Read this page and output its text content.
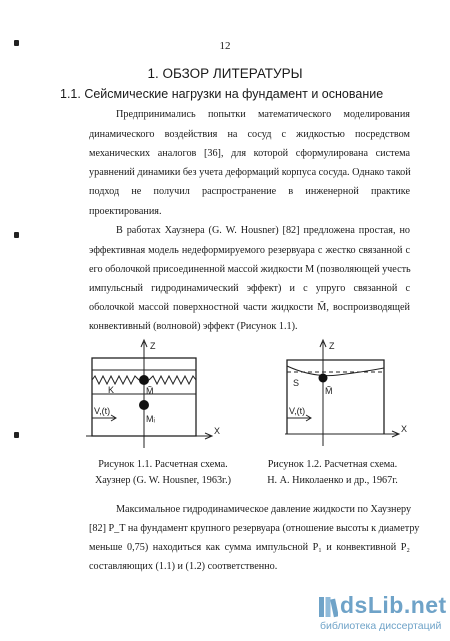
12
1. ОБЗОР ЛИТЕРАТУРЫ
1.1. Сейсмические нагрузки на фундамент и основание
Предпринимались попытки математического моделирования
динамического воздействия на сосуд с жидкостью посредством
механических аналогов [36], для которой сформулирована система
уравнений динамики без учета деформаций корпуса сосуда. Однако такой
подход не получил распространение в инженерной практике
проектирования.
В работах Хаузнера (G. W. Housner) [82] предложена простая, но
эффективная модель недеформируемого резервуара с жестко связанной с
его оболочкой присоединенной массой жидкости M (позволяющей учесть
импульсный гидродинамический эффект) и с упруго связанной с
оболочкой массой поверхностной части жидкости M̃, воспроизводящей
конвективный (волновой) эффект (Рисунок 1.1).
Z
X
K	M̃
Mᵢ
V,(t)
Z
X
S
M̃
V,(t)
Рисунок 1.1. Расчетная схема.
Хаузнер (G. W. Housner, 1963г.)
Рисунок 1.2. Расчетная схема.
Н. А. Николаенко и др., 1967г.
Максимальное гидродинамическое давление жидкости по Хаузнеру
[82] P_T на фундамент крупного резервуара (отношение высоты к диаметру
меньше 0,75) находиться как сумма импульсной P₁ и конвективной P₂
составляющих (1.1) и (1.2) соответственно.
dsLib.net
библиотека диссертаций
